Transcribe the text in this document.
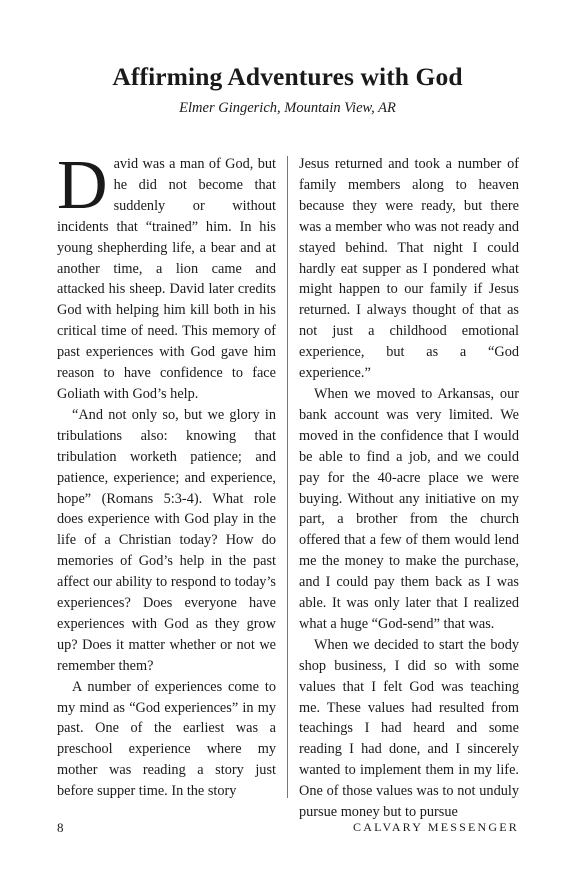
Affirming Adventures with God
Elmer Gingerich, Mountain View, AR

David was a man of God, but he did not become that suddenly or without incidents that “trained” him. In his young shepherding life, a bear and at another time, a lion came and attacked his sheep. David later credits God with helping him kill both in his critical time of need. This memory of past experiences with God gave him reason to have confidence to face Goliath with God’s help.

“And not only so, but we glory in tribulations also: knowing that tribulation worketh patience; and patience, experience; and experience, hope” (Romans 5:3-4). What role does experience with God play in the life of a Christian today? How do memories of God’s help in the past affect our ability to respond to today’s experiences? Does everyone have experiences with God as they grow up? Does it matter whether or not we remember them?

A number of experiences come to my mind as “God experiences” in my past. One of the earliest was a preschool experience where my mother was reading a story just before supper time. In the story

Jesus returned and took a number of family members along to heaven because they were ready, but there was a member who was not ready and stayed behind. That night I could hardly eat supper as I pondered what might happen to our family if Jesus returned. I always thought of that as not just a childhood emotional experience, but as a “God experience.”

When we moved to Arkansas, our bank account was very limited. We moved in the confidence that I would be able to find a job, and we could pay for the 40-acre place we were buying. Without any initiative on my part, a brother from the church offered that a few of them would lend me the money to make the purchase, and I could pay them back as I was able. It was only later that I realized what a huge “God-send” that was.

When we decided to start the body shop business, I did so with some values that I felt God was teaching me. These values had resulted from teachings I had heard and some reading I had done, and I sincerely wanted to implement them in my life. One of those values was to not unduly pursue money but to pursue

8	CALVARY MESSENGER
